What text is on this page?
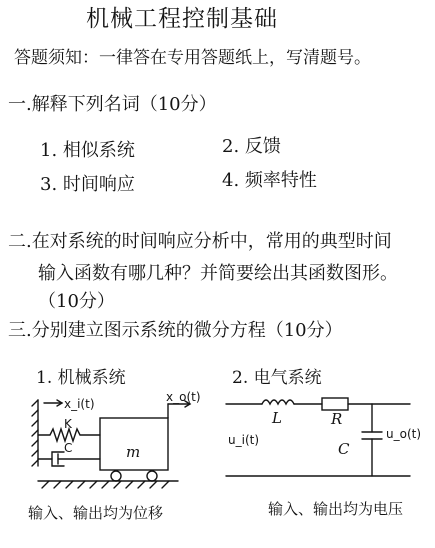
机械工程控制基础
答题须知：一律答在专用答题纸上，写清题号。
一.解释下列名词（10分）
1. 相似系统	2. 反馈
3. 时间响应	4. 频率特性
二.在对系统的时间响应分析中，常用的典型时间
输入函数有哪几种？并简要绘出其函数图形。
（10分）
三.分别建立图示系统的微分方程（10分）
1. 机械系统	2. 电气系统
x_i(t)	x_o(t)
K
C	m
L	R
C
u_i(t)	u_o(t)
输入、输出均为位移	输入、输出均为电压
